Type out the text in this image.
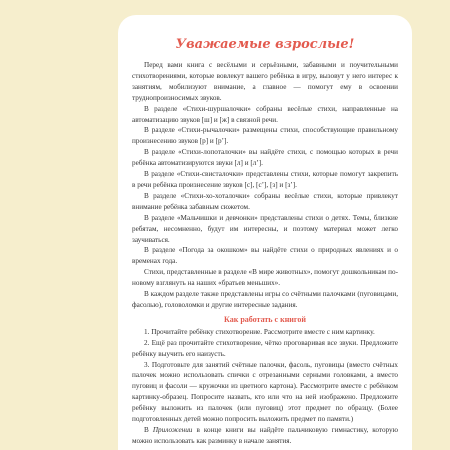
Уважаемые взрослые!

Перед вами книга с весёлыми и серьёзными, забавными и поучительными стихотворениями, которые вовлекут вашего ребёнка в игру, вызовут у него интерес к занятиям, мобилизуют внимание, а главное — помогут ему в освоении труднопроизносимых звуков.

В разделе «Стихи-шуршалочки» собраны весёлые стихи, направленные на автоматизацию звуков [ш] и [ж] в связной речи.

В разделе «Стихи-рычалочки» размещены стихи, способствующие правильному произнесению звуков [р] и [р’].

В разделе «Стихи-лопоталочки» вы найдёте стихи, с помощью которых в речи ребёнка автоматизируются звуки [л] и [л’].

В разделе «Стихи-свисталочки» представлены стихи, которые помогут закрепить в речи ребёнка произнесение звуков [с], [с’], [з] и [з’].

В разделе «Стихи-хо-хоталочки» собраны весёлые стихи, которые привлекут внимание ребёнка забавным сюжетом.

В разделе «Мальчишки и девчонки» представлены стихи о детях. Темы, близкие ребятам, несомненно, будут им интересны, и поэтому материал может легко заучиваться.

В разделе «Погода за окошком» вы найдёте стихи о природных явлениях и о временах года.

Стихи, представленные в разделе «В мире животных», помогут дошкольникам по-новому взглянуть на наших «братьев меньших».

В каждом разделе также представлены игры со счётными палочками (пуговицами, фасолью), головоломки и другие интересные задания.

Как работать с книгой

1. Прочитайте ребёнку стихотворение. Рассмотрите вместе с ним картинку.

2. Ещё раз прочитайте стихотворение, чётко проговаривая все звуки. Предложите ребёнку выучить его наизусть.

3. Подготовьте для занятий счётные палочки, фасоль, пуговицы (вместо счётных палочек можно использовать спички с отрезанными серными головками, а вместо пуговиц и фасоли — кружочки из цветного картона). Рассмотрите вместе с ребёнком картинку-образец. Попросите назвать, кто или что на ней изображено. Предложите ребёнку выложить из палочек (или пуговиц) этот предмет по образцу. (Более подготовленных детей можно попросить выложить предмет по памяти.)

В Приложении в конце книги вы найдёте пальчиковую гимнастику, которую можно использовать как разминку в начале занятия.
